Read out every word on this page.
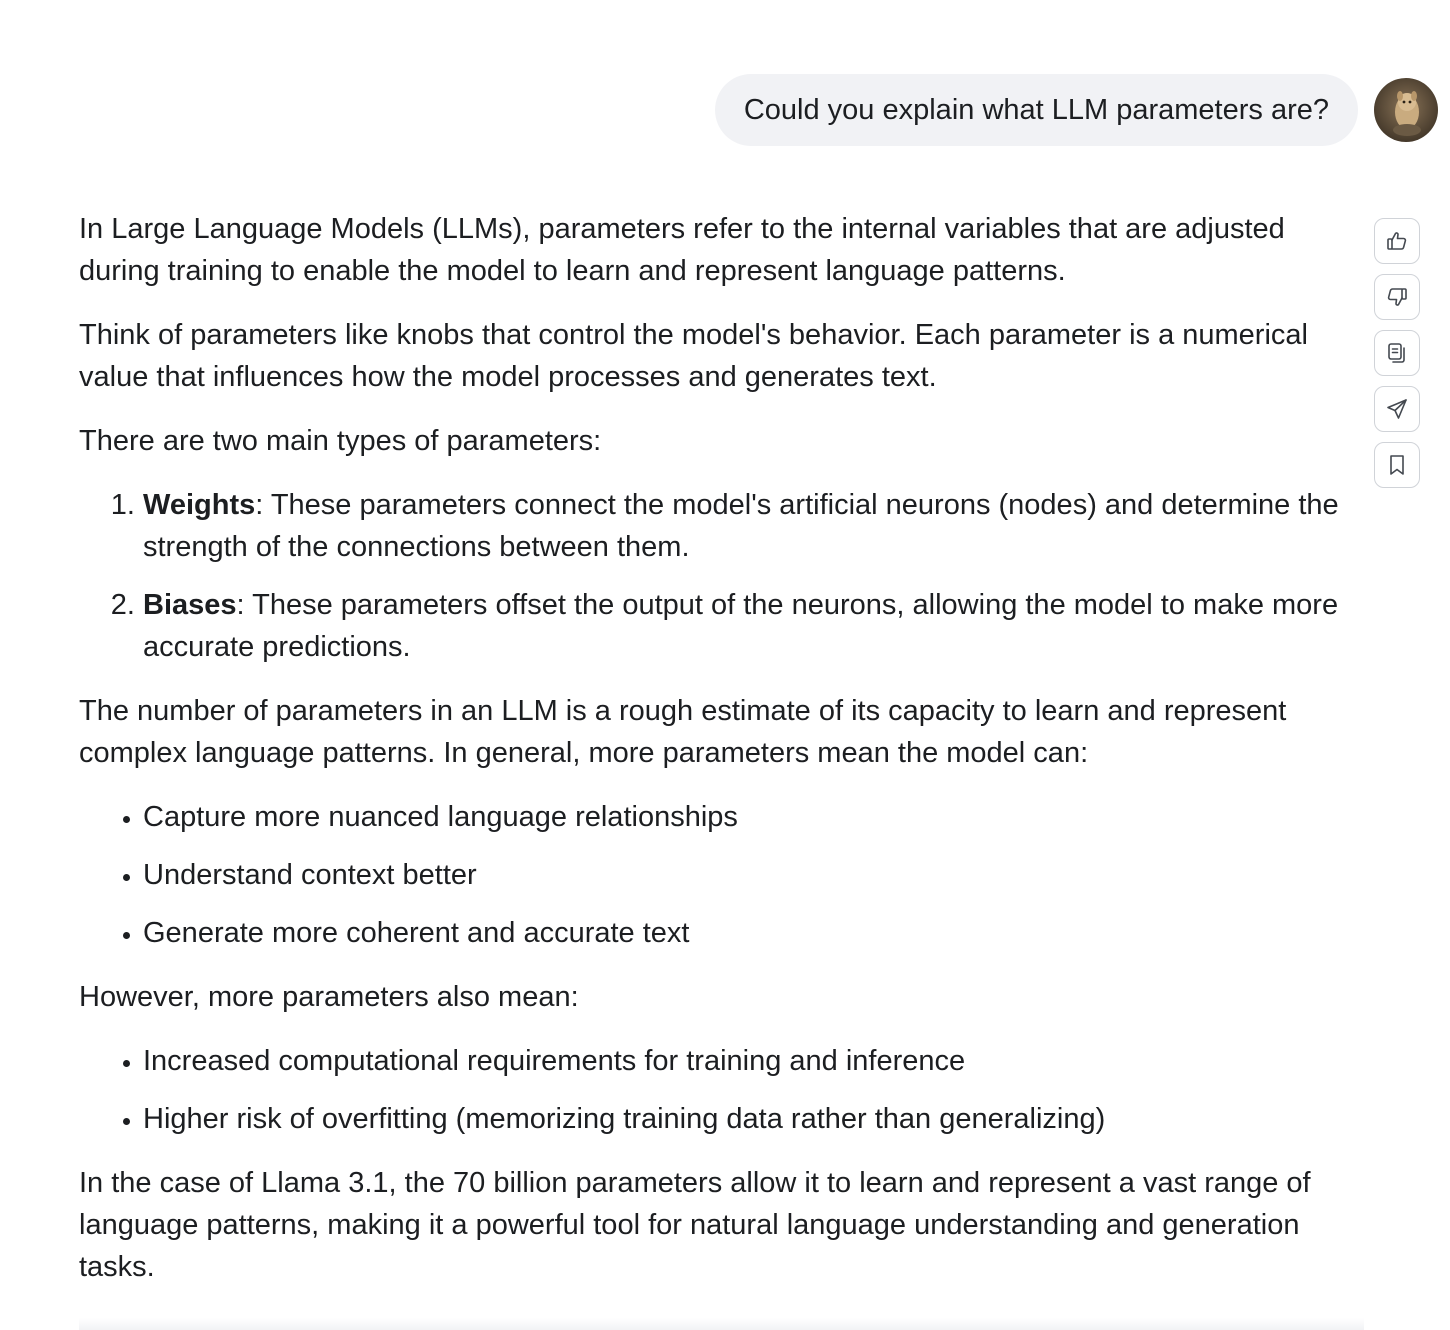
Could you explain what LLM parameters are?

In Large Language Models (LLMs), parameters refer to the internal variables that are adjusted during training to enable the model to learn and represent language patterns.

Think of parameters like knobs that control the model's behavior. Each parameter is a numerical value that influences how the model processes and generates text.

There are two main types of parameters:

1. Weights: These parameters connect the model's artificial neurons (nodes) and determine the strength of the connections between them.
2. Biases: These parameters offset the output of the neurons, allowing the model to make more accurate predictions.

The number of parameters in an LLM is a rough estimate of its capacity to learn and represent complex language patterns. In general, more parameters mean the model can:

• Capture more nuanced language relationships
• Understand context better
• Generate more coherent and accurate text

However, more parameters also mean:

• Increased computational requirements for training and inference
• Higher risk of overfitting (memorizing training data rather than generalizing)

In the case of Llama 3.1, the 70 billion parameters allow it to learn and represent a vast range of language patterns, making it a powerful tool for natural language understanding and generation tasks.
